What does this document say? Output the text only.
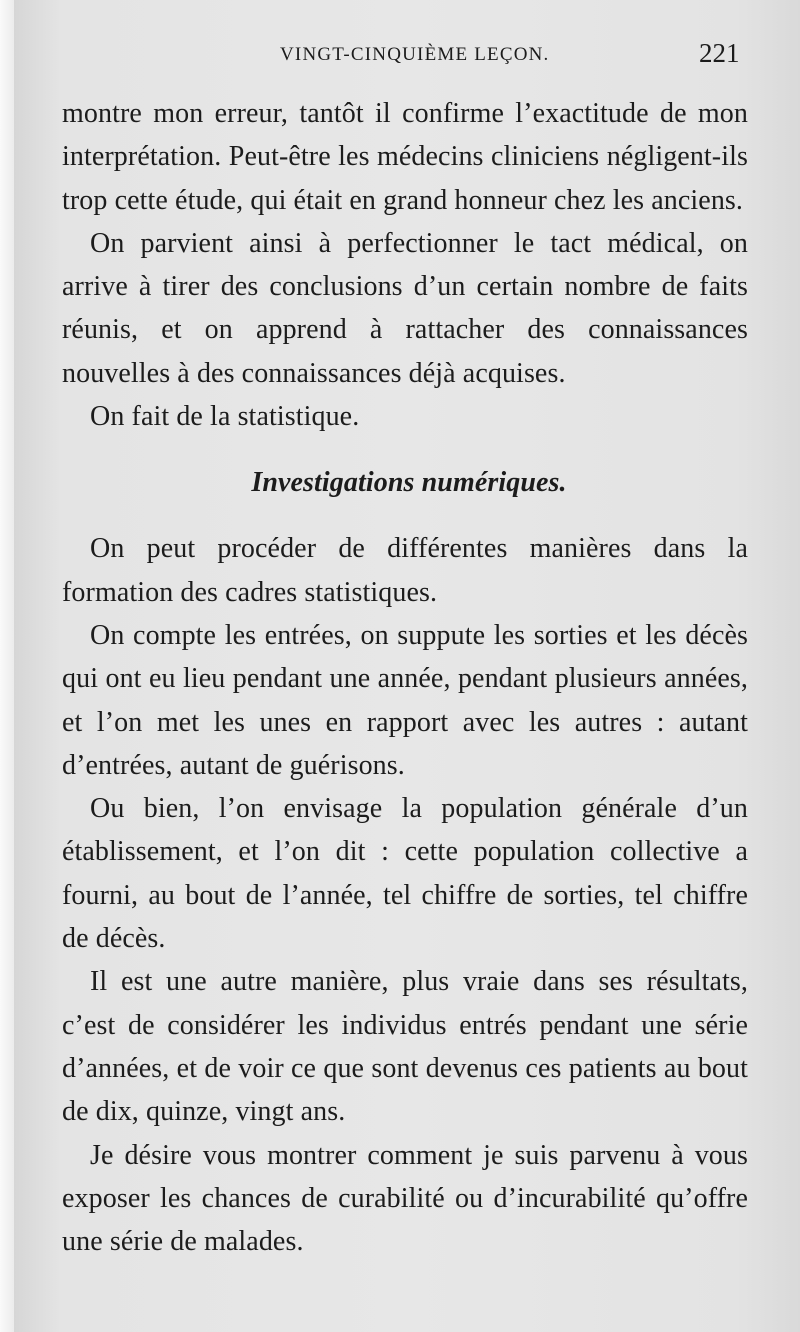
VINGT-CINQUIÈME LEÇON.	221

montre mon erreur, tantôt il confirme l’exactitude de mon interprétation. Peut-être les médecins cliniciens négligent-ils trop cette étude, qui était en grand honneur chez les anciens.

On parvient ainsi à perfectionner le tact médical, on arrive à tirer des conclusions d’un certain nombre de faits réunis, et on apprend à rattacher des connaissances nouvelles à des connaissances déjà acquises.

On fait de la statistique.

Investigations numériques.

On peut procéder de différentes manières dans la formation des cadres statistiques.

On compte les entrées, on suppute les sorties et les décès qui ont eu lieu pendant une année, pendant plusieurs années, et l’on met les unes en rapport avec les autres : autant d’entrées, autant de guérisons.

Ou bien, l’on envisage la population générale d’un établissement, et l’on dit : cette population collective a fourni, au bout de l’année, tel chiffre de sorties, tel chiffre de décès.

Il est une autre manière, plus vraie dans ses résultats, c’est de considérer les individus entrés pendant une série d’années, et de voir ce que sont devenus ces patients au bout de dix, quinze, vingt ans.

Je désire vous montrer comment je suis parvenu à vous exposer les chances de curabilité ou d’incurabilité qu’offre une série de malades.
